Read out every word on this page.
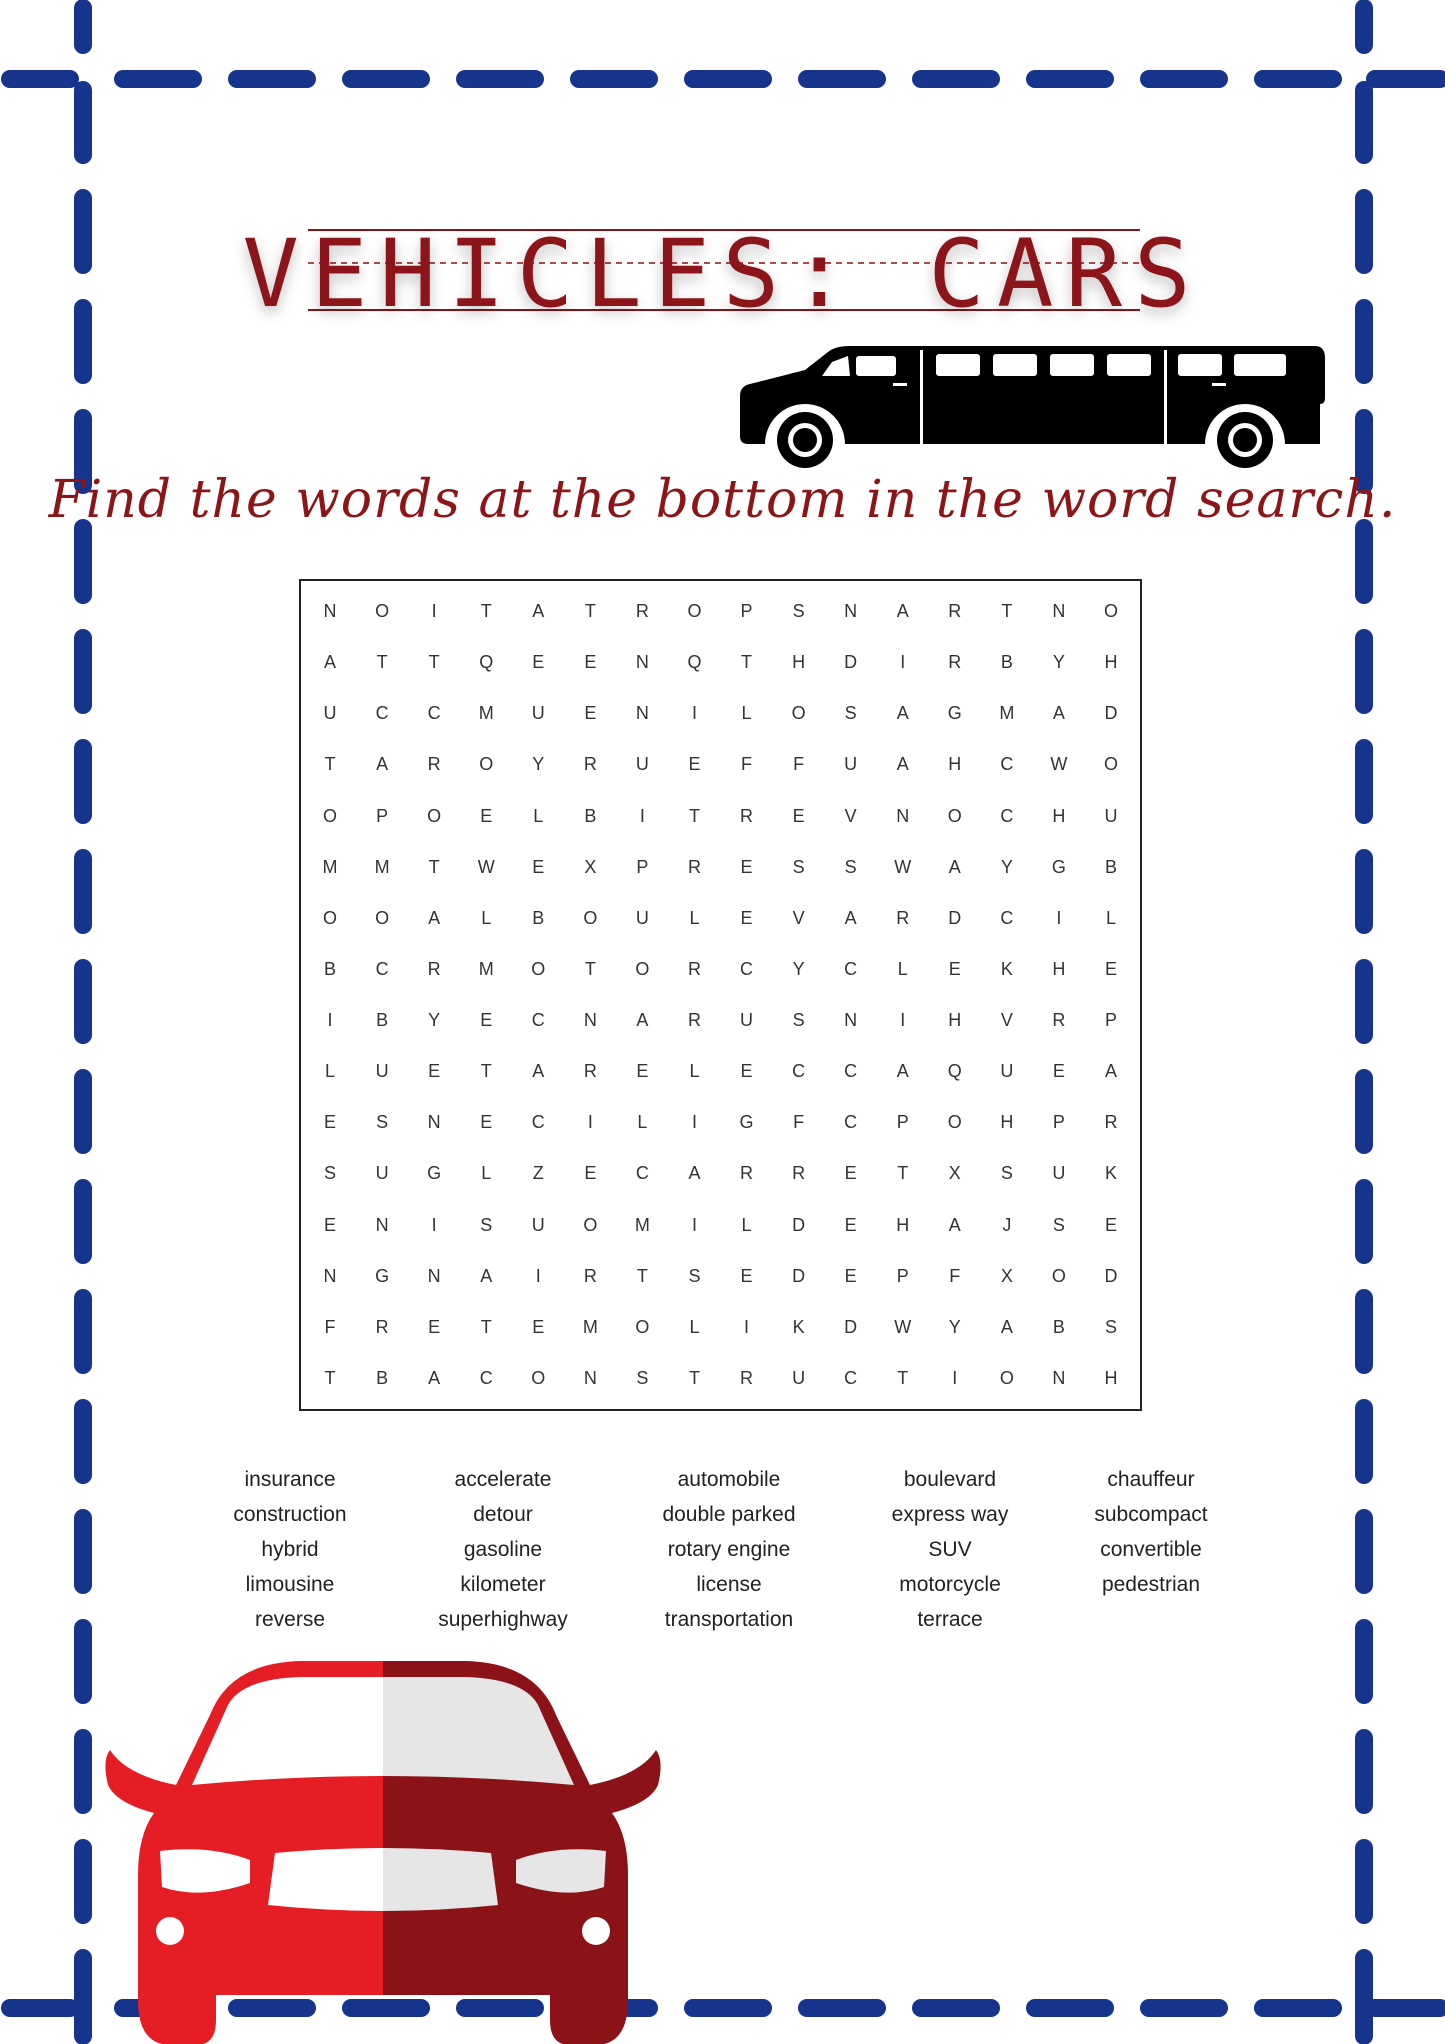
VEHICLES: CARS
Find the words at the bottom in the word search.
N	O	I	T	A	T	R	O	P	S	N	A	R	T	N	O
A	T	T	Q	E	E	N	Q	T	H	D	I	R	B	Y	H
U	C	C	M	U	E	N	I	L	O	S	A	G	M	A	D
T	A	R	O	Y	R	U	E	F	F	U	A	H	C	W	O
O	P	O	E	L	B	I	T	R	E	V	N	O	C	H	U
M	M	T	W	E	X	P	R	E	S	S	W	A	Y	G	B
O	O	A	L	B	O	U	L	E	V	A	R	D	C	I	L
B	C	R	M	O	T	O	R	C	Y	C	L	E	K	H	E
I	B	Y	E	C	N	A	R	U	S	N	I	H	V	R	P
L	U	E	T	A	R	E	L	E	C	C	A	Q	U	E	A
E	S	N	E	C	I	L	I	G	F	C	P	O	H	P	R
S	U	G	L	Z	E	C	A	R	R	E	T	X	S	U	K
E	N	I	S	U	O	M	I	L	D	E	H	A	J	S	E
N	G	N	A	I	R	T	S	E	D	E	P	F	X	O	D
F	R	E	T	E	M	O	L	I	K	D	W	Y	A	B	S
T	B	A	C	O	N	S	T	R	U	C	T	I	O	N	H
insurance
construction
hybrid
limousine
reverse
accelerate
detour
gasoline
kilometer
superhighway
automobile
double parked
rotary engine
license
transportation
boulevard
express way
SUV
motorcycle
terrace
chauffeur
subcompact
convertible
pedestrian
